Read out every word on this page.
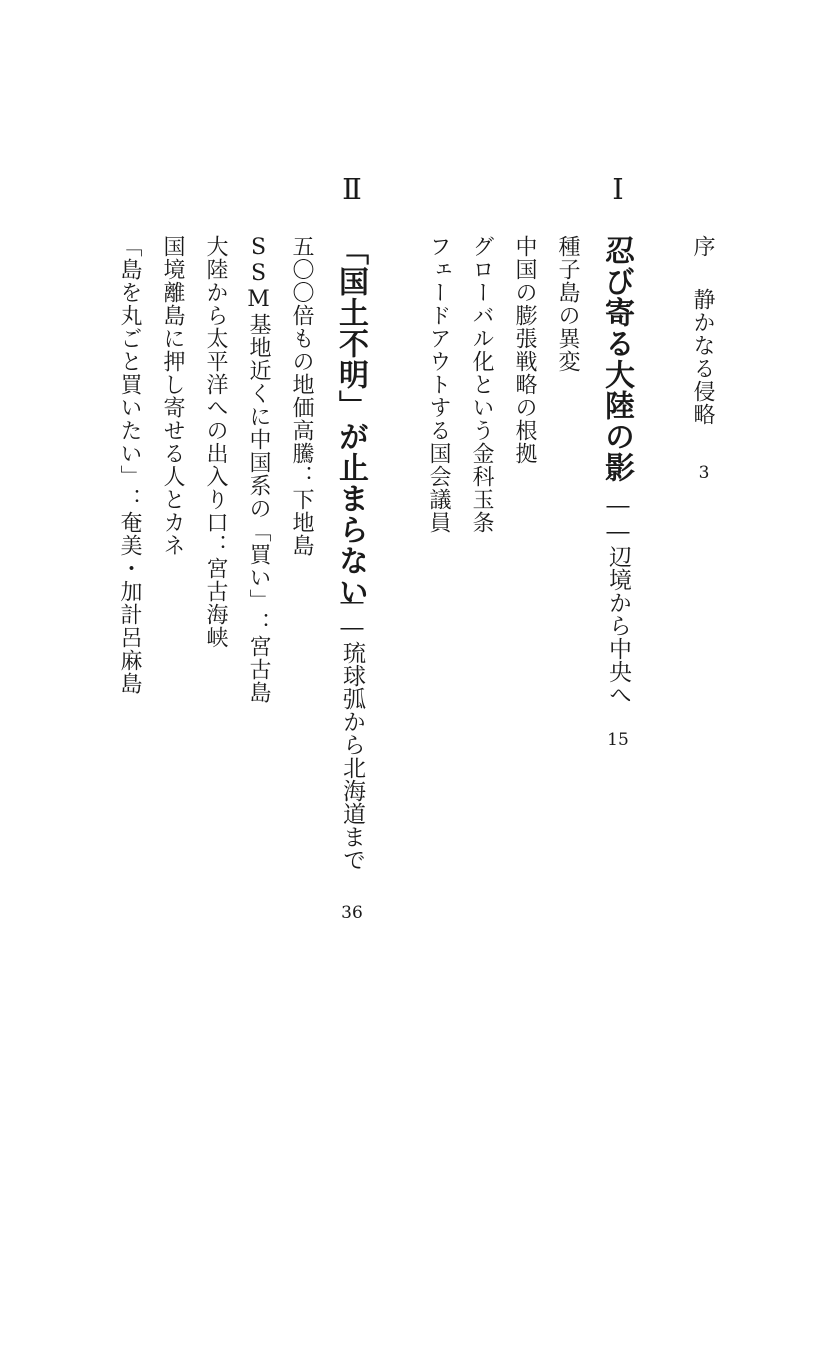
序
静かなる侵略
3
Ⅰ
忍び寄る大陸の影
――辺境から中央へ
15
種子島の異変
中国の膨張戦略の根拠
グローバル化という金科玉条
フェードアウトする国会議員
Ⅱ
「国土不明」が止まらない
――琉球弧から北海道まで
36
五〇〇倍もの地価高騰：下地島
SSM基地近くに中国系の「買い」：宮古島
大陸から太平洋への出入り口：宮古海峡
国境離島に押し寄せる人とカネ
「島を丸ごと買いたい」：奄美・加計呂麻島
